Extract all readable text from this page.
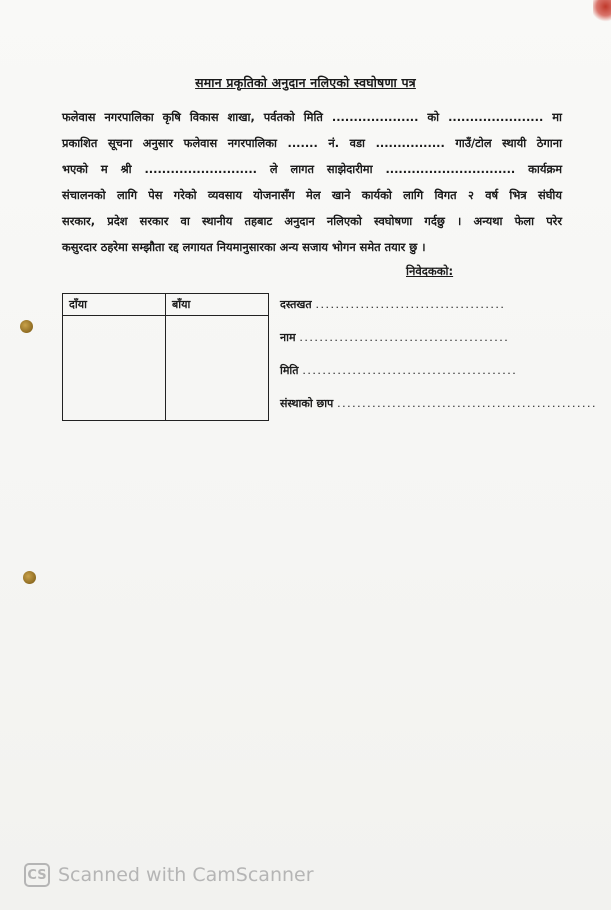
समान प्रकृतिको अनुदान नलिएको स्वघोषणा पत्र
फलेवास नगरपालिका कृषि विकास शाखा, पर्वतको मिति .................... को ...................... मा
प्रकाशित सूचना अनुसार फलेवास नगरपालिका ....... नं. वडा ................ गाउँ/टोल स्थायी ठेगाना
भएको म श्री .......................... ले लागत साझेदारीमा .............................. कार्यक्रम
संचालनको लागि पेस गरेको व्यवसाय योजनासँग मेल खाने कार्यको लागि विगत २ वर्ष भित्र संघीय
सरकार, प्रदेश सरकार वा स्थानीय तहबाट अनुदान नलिएको स्वघोषणा गर्दछु । अन्यथा फेला परेर
कसुरदार ठहरेमा सम्झौता रद्द लगायत नियमानुसारका अन्य सजाय भोगन समेत तयार छु ।
निवेदकको:
दाँया	बाँया	दस्तखत ......................................
नाम ..........................................
मिति ...........................................
संस्थाको छाप ....................................................
CS Scanned with CamScanner
